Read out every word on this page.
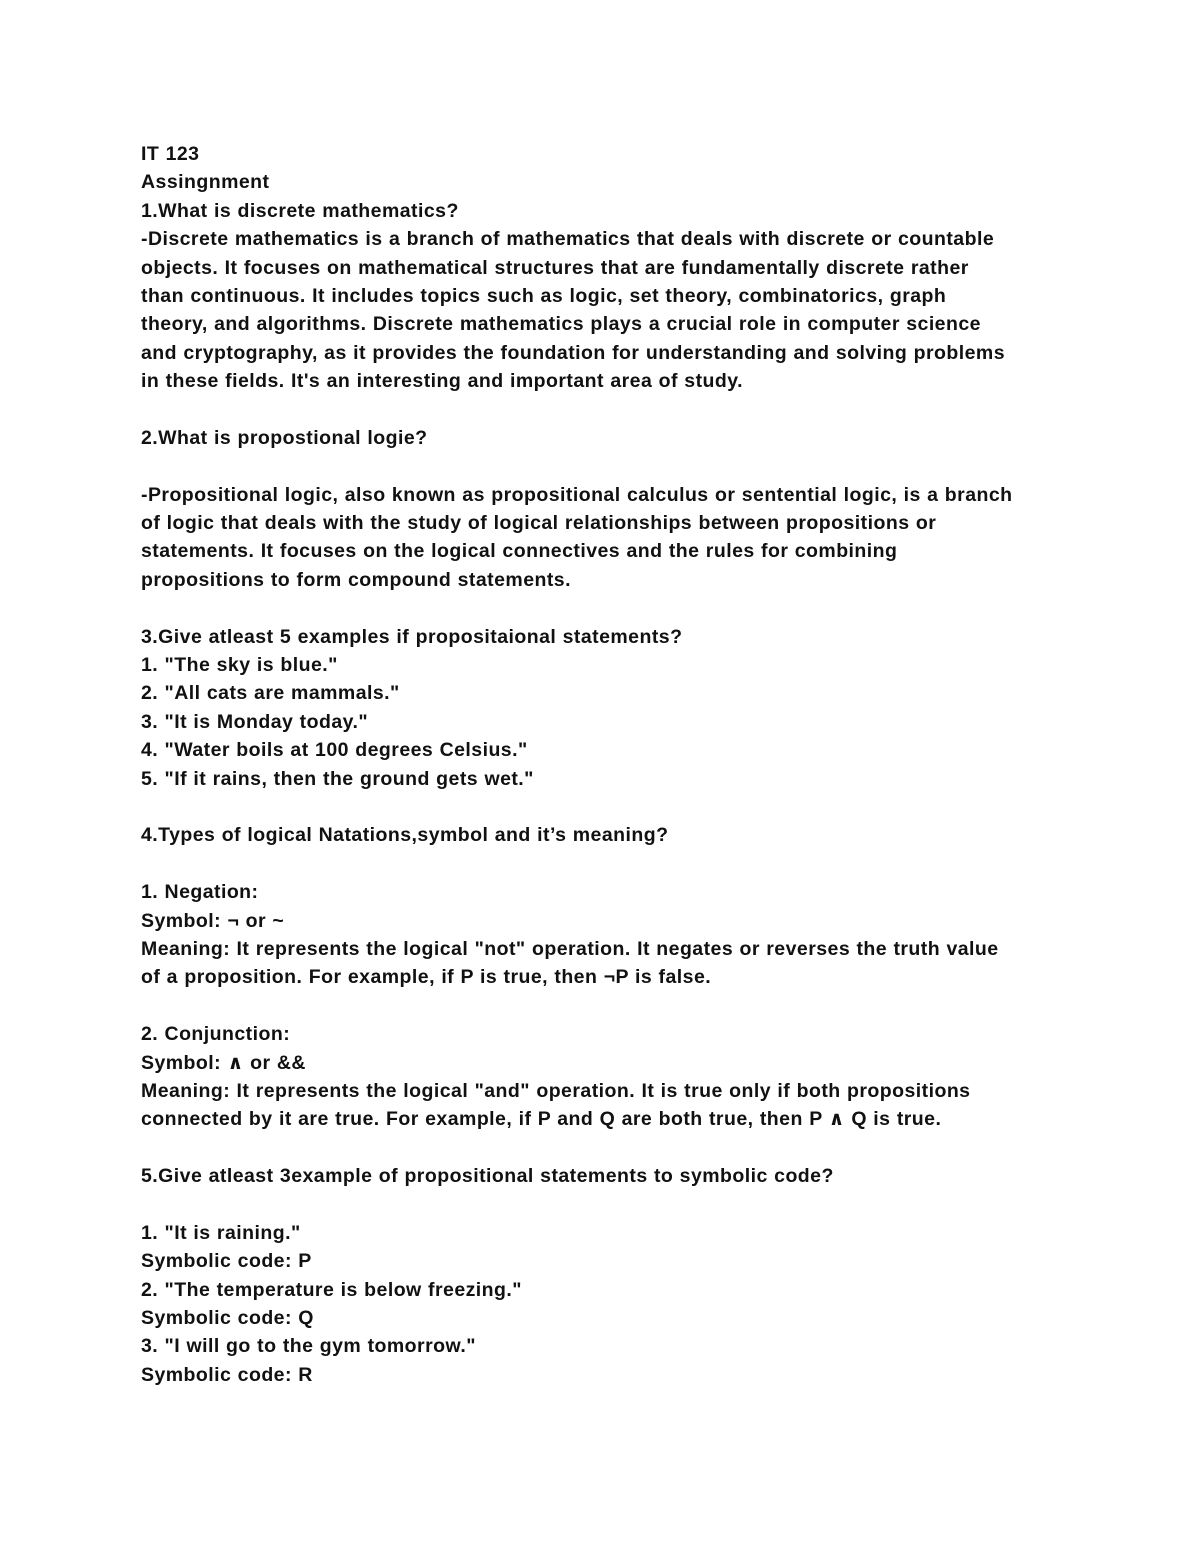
IT 123
Assingnment
1.What is discrete mathematics?
-Discrete mathematics is a branch of mathematics that deals with discrete or countable
objects. It focuses on mathematical structures that are fundamentally discrete rather
than continuous. It includes topics such as logic, set theory, combinatorics, graph
theory, and algorithms. Discrete mathematics plays a crucial role in computer science
and cryptography, as it provides the foundation for understanding and solving problems
in these fields. It's an interesting and important area of study.
2.What is propostional logie?
-Propositional logic, also known as propositional calculus or sentential logic, is a branch
of logic that deals with the study of logical relationships between propositions or
statements. It focuses on the logical connectives and the rules for combining
propositions to form compound statements.
3.Give atleast 5 examples if propositaional statements?
1. "The sky is blue."
2. "All cats are mammals."
3. "It is Monday today."
4. "Water boils at 100 degrees Celsius."
5. "If it rains, then the ground gets wet."
4.Types of logical Natations,symbol and it’s meaning?
1. Negation:
Symbol: ¬ or ~
Meaning: It represents the logical "not" operation. It negates or reverses the truth value
of a proposition. For example, if P is true, then ¬P is false.
2. Conjunction:
Symbol: ∧ or &&
Meaning: It represents the logical "and" operation. It is true only if both propositions
connected by it are true. For example, if P and Q are both true, then P ∧ Q is true.
5.Give atleast 3example of propositional statements to symbolic code?
1. "It is raining."
Symbolic code: P
2. "The temperature is below freezing."
Symbolic code: Q
3. "I will go to the gym tomorrow."
Symbolic code: R
